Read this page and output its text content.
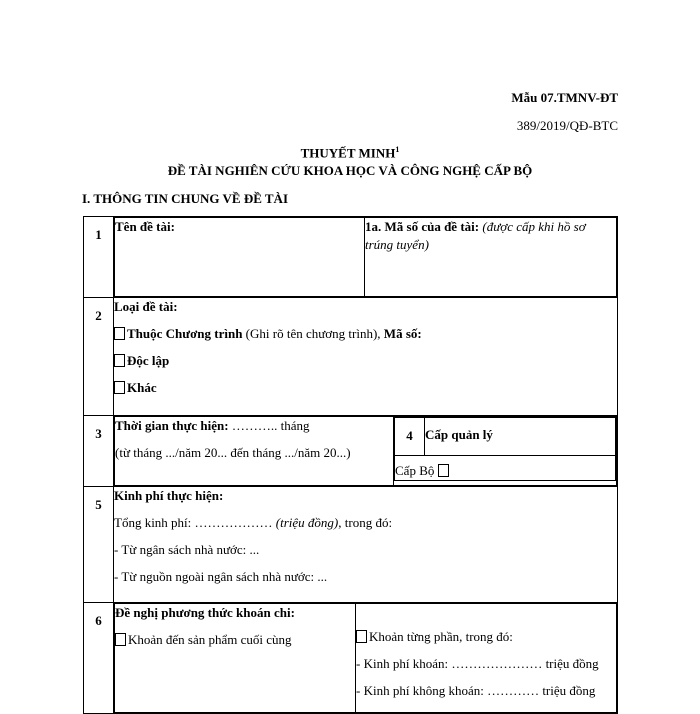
Mẫu 07.TMNV-ĐT
389/2019/QĐ-BTC
THUYẾT MINH$^1$
ĐỀ TÀI NGHIÊN CỨU KHOA HỌC VÀ CÔNG NGHỆ CẤP BỘ
I. THÔNG TIN CHUNG VỀ ĐỀ TÀI
1	
Tên đề tài:	1a. Mã số của đề tài: (được cấp khi hồ sơ trúng tuyển)

2	
Loại đề tài:
Thuộc Chương trình (Ghi rõ tên chương trình), Mã số:
Độc lập
Khác

3	
Thời gian thực hiện: ……….. tháng
(từ tháng .../năm 20... đến tháng .../năm 20...)

4	Cấp quản lý
Cấp Bộ

5	
Kinh phí thực hiện:
Tổng kinh phí: ……………… (triệu đồng), trong đó:
- Từ ngân sách nhà nước: ...
- Từ nguồn ngoài ngân sách nhà nước: ...

6	
Đề nghị phương thức khoán chi:
Khoản đến sản phẩm cuối cùng	Khoản từng phần, trong đó:
- Kinh phí khoán: ………………… triệu đồng
- Kinh phí không khoán: ………… triệu đồng
